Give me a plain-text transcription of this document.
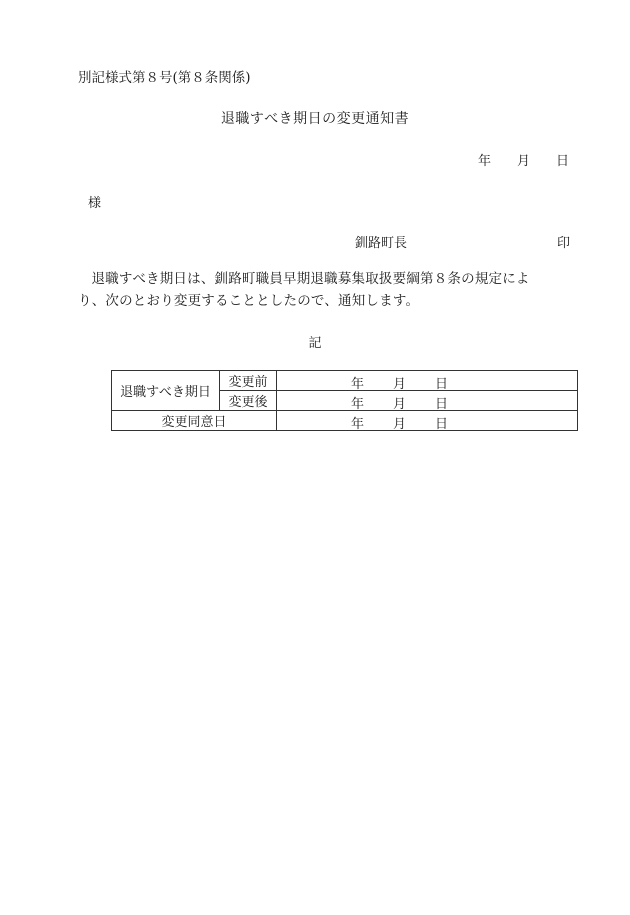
別記様式第８号(第８条関係)
退職すべき期日の変更通知書
年 月 日
様
釧路町長	印
退職すべき期日は、釧路町職員早期退職募集取扱要綱第８条の規定により、次のとおり変更することとしたので、通知します。
記
退職すべき期日	変更前	年 月 日

	変更後	年 月 日

変更同意日		年 月 日
